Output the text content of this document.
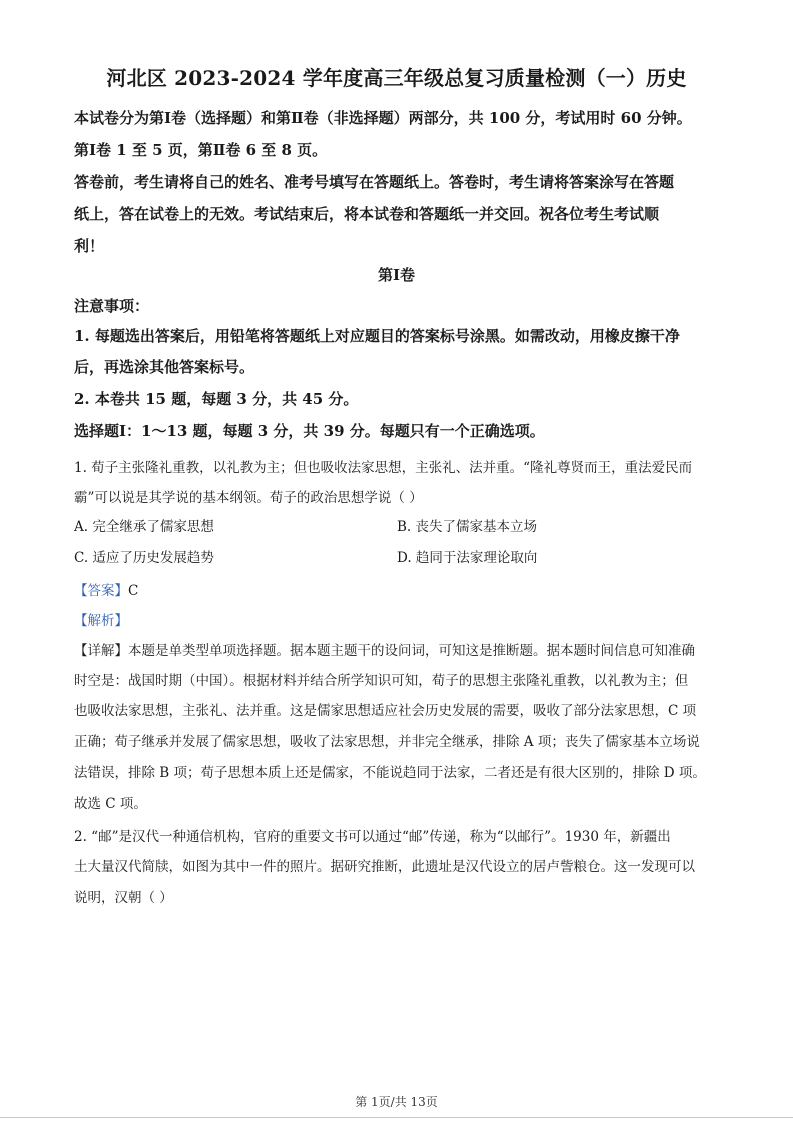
河北区 2023-2024 学年度高三年级总复习质量检测（一）历史
本试卷分为第Ⅰ卷（选择题）和第Ⅱ卷（非选择题）两部分，共 100 分，考试用时 60 分钟。
第Ⅰ卷 1 至 5 页，第Ⅱ卷 6 至 8 页。
答卷前，考生请将自己的姓名、准考号填写在答题纸上。答卷时，考生请将答案涂写在答题
纸上，答在试卷上的无效。考试结束后，将本试卷和答题纸一并交回。祝各位考生考试顺
利！
第Ⅰ卷
注意事项：
1. 每题选出答案后，用铅笔将答题纸上对应题目的答案标号涂黑。如需改动，用橡皮擦干净
后，再选涂其他答案标号。
2. 本卷共 15 题，每题 3 分，共 45 分。
选择题Ⅰ：1～13 题，每题 3 分，共 39 分。每题只有一个正确选项。
1. 荀子主张隆礼重教，以礼教为主；但也吸收法家思想，主张礼、法并重。“隆礼尊贤而王，重法爱民而
霸”可以说是其学说的基本纲领。荀子的政治思想学说（ ）
A. 完全继承了儒家思想	B. 丧失了儒家基本立场
C. 适应了历史发展趋势	D. 趋同于法家理论取向
【答案】C
【解析】
【详解】本题是单类型单项选择题。据本题主题干的设问词，可知这是推断题。据本题时间信息可知准确
时空是：战国时期（中国）。根据材料并结合所学知识可知，荀子的思想主张隆礼重教，以礼教为主；但
也吸收法家思想，主张礼、法并重。这是儒家思想适应社会历史发展的需要，吸收了部分法家思想，C 项
正确；荀子继承并发展了儒家思想，吸收了法家思想，并非完全继承，排除 A 项；丧失了儒家基本立场说
法错误，排除 B 项；荀子思想本质上还是儒家，不能说趋同于法家，二者还是有很大区别的，排除 D 项。
故选 C 项。
2. “邮”是汉代一种通信机构，官府的重要文书可以通过“邮”传递，称为“以邮行”。1930 年，新疆出
土大量汉代简牍，如图为其中一件的照片。据研究推断，此遗址是汉代设立的居卢訾粮仓。这一发现可以
说明，汉朝（ ）
第 1页/共 13页
